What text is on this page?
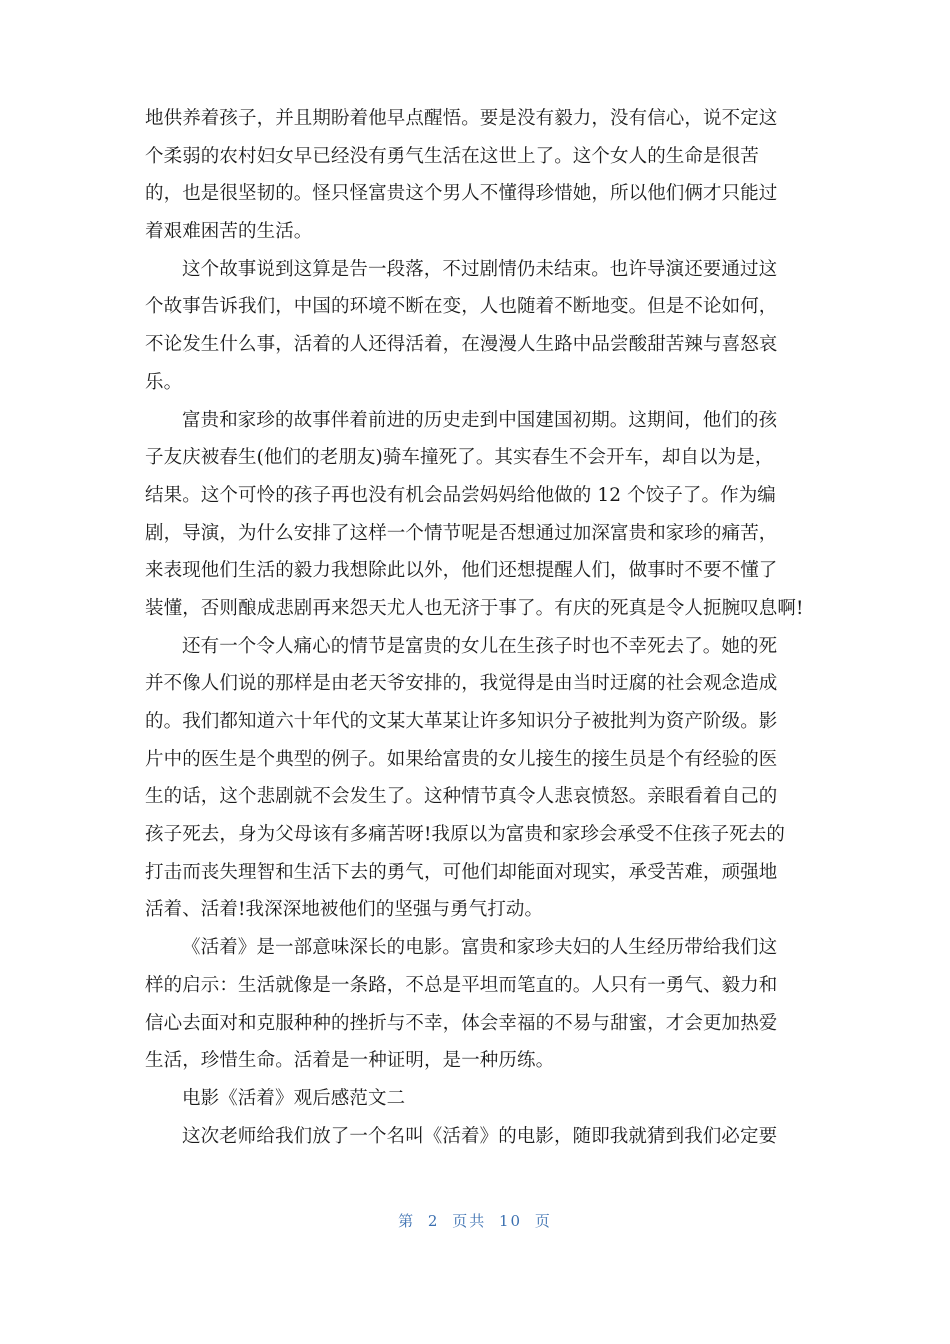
地供养着孩子，并且期盼着他早点醒悟。要是没有毅力，没有信心，说不定这
个柔弱的农村妇女早已经没有勇气生活在这世上了。这个女人的生命是很苦
的，也是很坚韧的。怪只怪富贵这个男人不懂得珍惜她，所以他们俩才只能过
着艰难困苦的生活。
这个故事说到这算是告一段落，不过剧情仍未结束。也许导演还要通过这
个故事告诉我们，中国的环境不断在变，人也随着不断地变。但是不论如何，
不论发生什么事，活着的人还得活着，在漫漫人生路中品尝酸甜苦辣与喜怒哀
乐。
富贵和家珍的故事伴着前进的历史走到中国建国初期。这期间，他们的孩
子友庆被春生(他们的老朋友)骑车撞死了。其实春生不会开车，却自以为是，
结果。这个可怜的孩子再也没有机会品尝妈妈给他做的 12 个饺子了。作为编
剧，导演，为什么安排了这样一个情节呢是否想通过加深富贵和家珍的痛苦，
来表现他们生活的毅力我想除此以外，他们还想提醒人们，做事时不要不懂了
装懂，否则酿成悲剧再来怨天尤人也无济于事了。有庆的死真是令人扼腕叹息啊!
还有一个令人痛心的情节是富贵的女儿在生孩子时也不幸死去了。她的死
并不像人们说的那样是由老天爷安排的，我觉得是由当时迂腐的社会观念造成
的。我们都知道六十年代的文某大革某让许多知识分子被批判为资产阶级。影
片中的医生是个典型的例子。如果给富贵的女儿接生的接生员是个有经验的医
生的话，这个悲剧就不会发生了。这种情节真令人悲哀愤怒。亲眼看着自己的
孩子死去，身为父母该有多痛苦呀!我原以为富贵和家珍会承受不住孩子死去的
打击而丧失理智和生活下去的勇气，可他们却能面对现实，承受苦难，顽强地
活着、活着!我深深地被他们的坚强与勇气打动。
《活着》是一部意味深长的电影。富贵和家珍夫妇的人生经历带给我们这
样的启示：生活就像是一条路，不总是平坦而笔直的。人只有一勇气、毅力和
信心去面对和克服种种的挫折与不幸，体会幸福的不易与甜蜜，才会更加热爱
生活，珍惜生命。活着是一种证明，是一种历练。
电影《活着》观后感范文二
这次老师给我们放了一个名叫《活着》的电影，随即我就猜到我们必定要
第 2 页共 10 页
